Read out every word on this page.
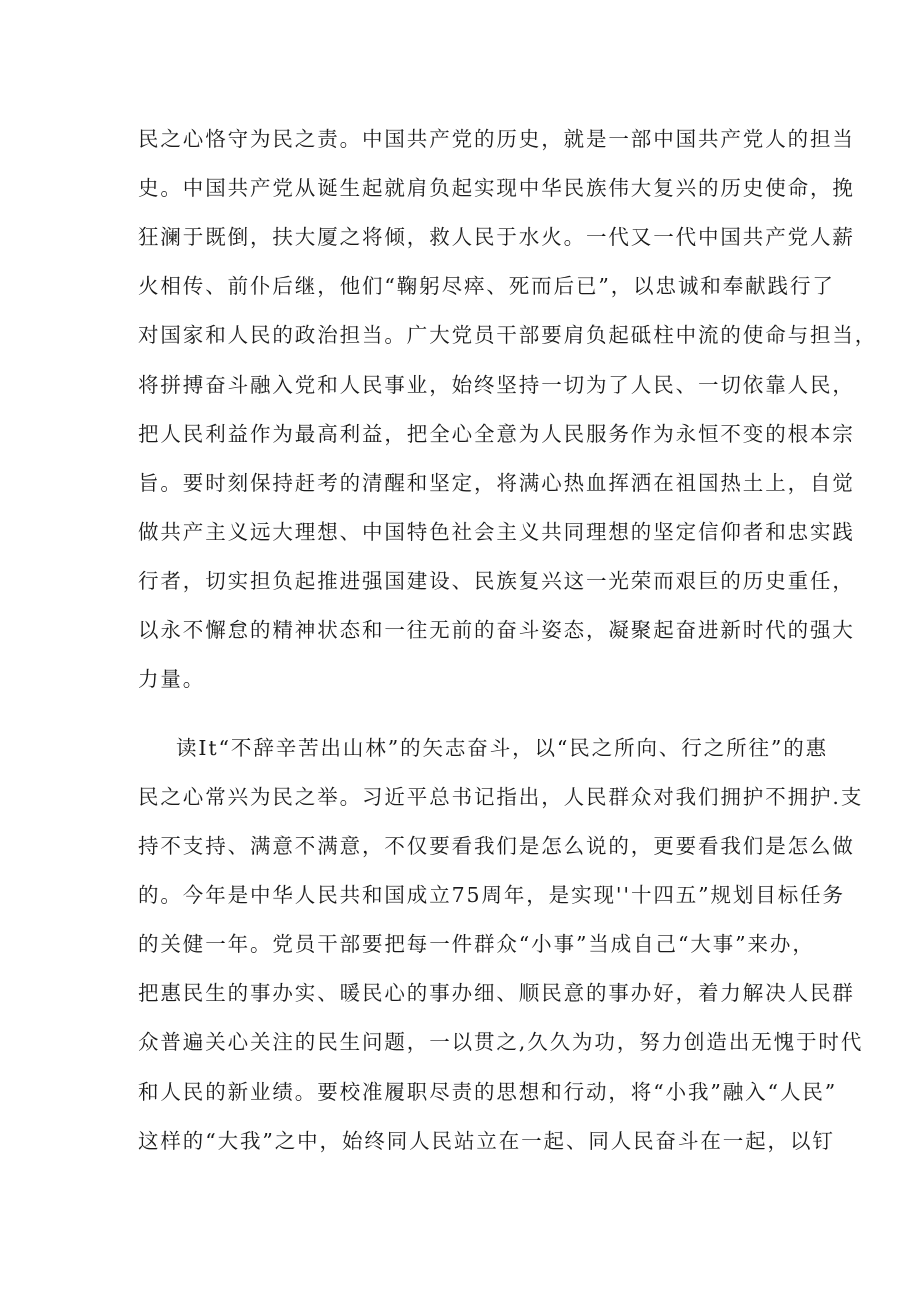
民之心恪守为民之责。中国共产党的历史，就是一部中国共产党人的担当
史。中国共产党从诞生起就肩负起实现中华民族伟大复兴的历史使命，挽
狂澜于既倒，扶大厦之将倾，救人民于水火。一代又一代中国共产党人薪
火相传、前仆后继，他们“鞠躬尽瘁、死而后已”，以忠诚和奉献践行了
对国家和人民的政治担当。广大党员干部要肩负起砥柱中流的使命与担当，
将拼搏奋斗融入党和人民事业，始终坚持一切为了人民、一切依靠人民，
把人民利益作为最高利益，把全心全意为人民服务作为永恒不变的根本宗
旨。要时刻保持赶考的清醒和坚定，将满心热血挥洒在祖国热土上，自觉
做共产主义远大理想、中国特色社会主义共同理想的坚定信仰者和忠实践
行者，切实担负起推进强国建设、民族复兴这一光荣而艰巨的历史重任，
以永不懈怠的精神状态和一往无前的奋斗姿态，凝聚起奋进新时代的强大
力量。
读It“不辞辛苦出山林”的矢志奋斗，以“民之所向、行之所往”的惠
民之心常兴为民之举。习近平总书记指出，人民群众对我们拥护不拥护.支
持不支持、满意不满意，不仅要看我们是怎么说的，更要看我们是怎么做
的。今年是中华人民共和国成立75周年，是实现''十四五”规划目标任务
的关健一年。党员干部要把每一件群众“小事”当成自己“大事”来办，
把惠民生的事办实、暖民心的事办细、顺民意的事办好，着力解决人民群
众普遍关心关注的民生问题，一以贯之,久久为功，努力创造出无愧于时代
和人民的新业绩。要校准履职尽责的思想和行动，将“小我”融入“人民”
这样的“大我”之中，始终同人民站立在一起、同人民奋斗在一起，以钉
